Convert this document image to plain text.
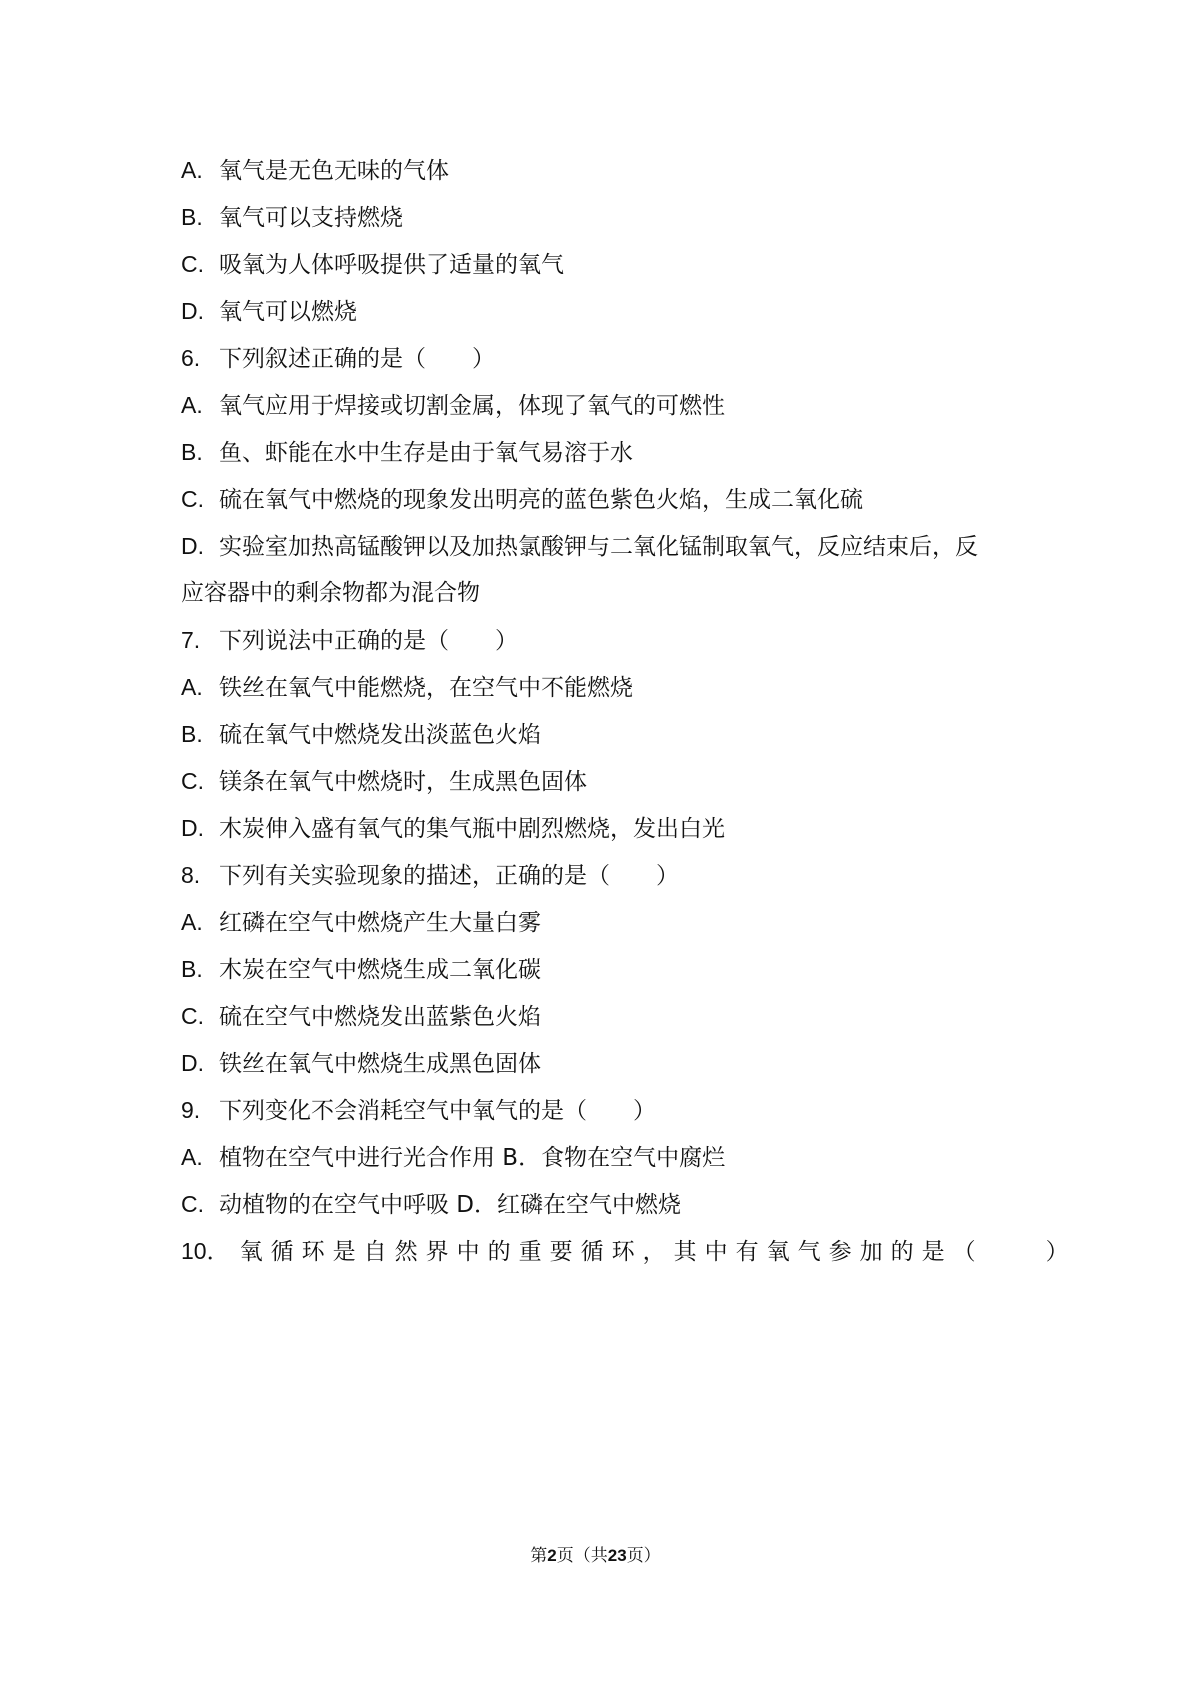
A. 氧气是无色无味的气体
B. 氧气可以支持燃烧
C. 吸氧为人体呼吸提供了适量的氧气
D. 氧气可以燃烧
6. 下列叙述正确的是（　　）
A. 氧气应用于焊接或切割金属，体现了氧气的可燃性
B. 鱼、虾能在水中生存是由于氧气易溶于水
C. 硫在氧气中燃烧的现象发出明亮的蓝色紫色火焰，生成二氧化硫
D. 实验室加热高锰酸钾以及加热氯酸钾与二氧化锰制取氧气，反应结束后，反
应容器中的剩余物都为混合物
7. 下列说法中正确的是（　　）
A. 铁丝在氧气中能燃烧，在空气中不能燃烧
B. 硫在氧气中燃烧发出淡蓝色火焰
C. 镁条在氧气中燃烧时，生成黑色固体
D. 木炭伸入盛有氧气的集气瓶中剧烈燃烧，发出白光
8. 下列有关实验现象的描述，正确的是（　　）
A. 红磷在空气中燃烧产生大量白雾
B. 木炭在空气中燃烧生成二氧化碳
C. 硫在空气中燃烧发出蓝紫色火焰
D. 铁丝在氧气中燃烧生成黑色固体
9. 下列变化不会消耗空气中氧气的是（　　）
A. 植物在空气中进行光合作用 B．食物在空气中腐烂
C. 动植物的在空气中呼吸 D．红磷在空气中燃烧
10． 氧循环是自然界中的重要循环，其中有氧气参加的是（　　）
第2页（共23页）
